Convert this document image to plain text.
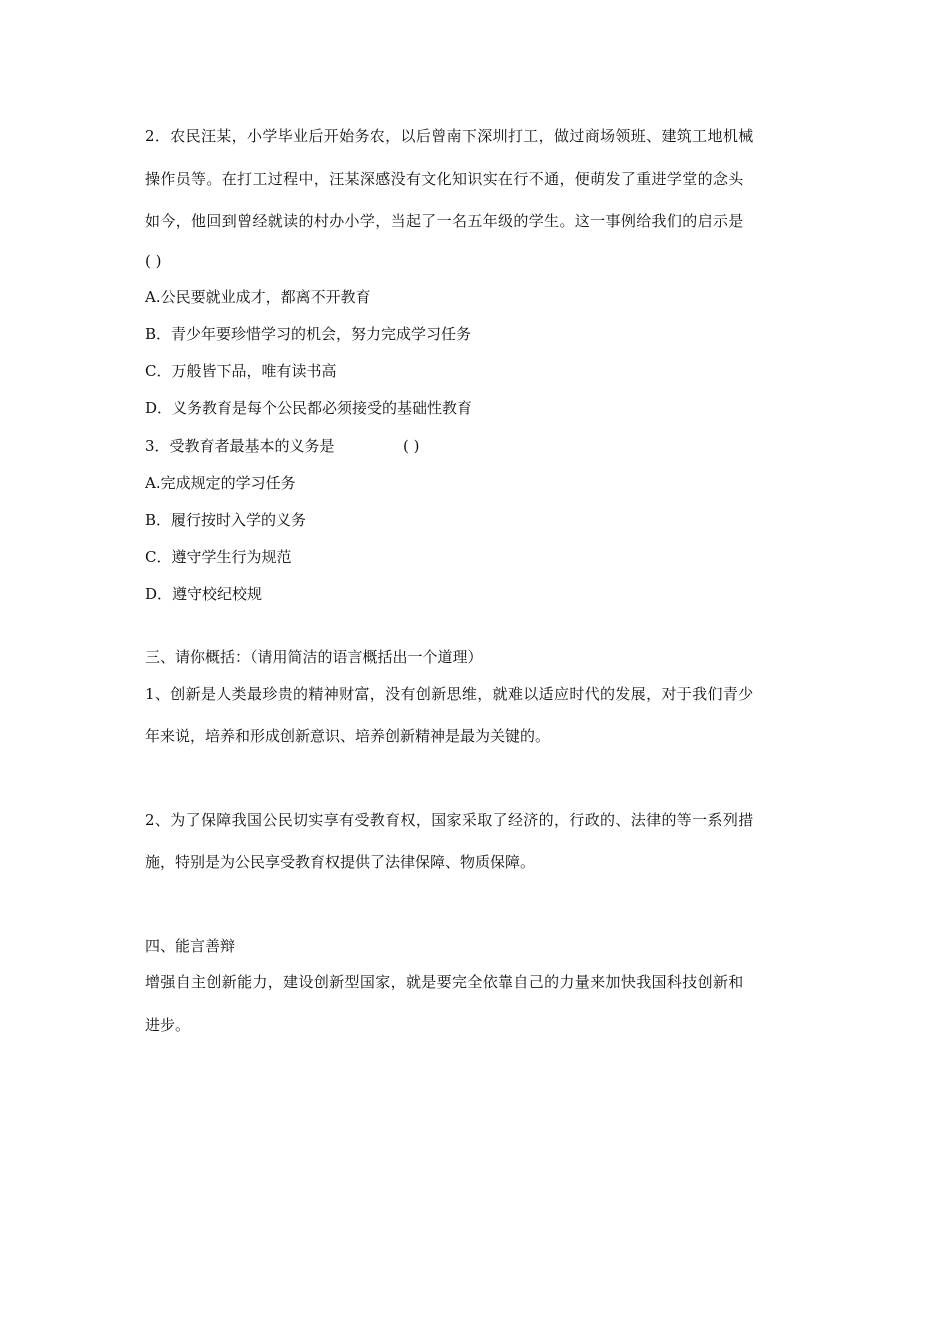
2．农民汪某，小学毕业后开始务农，以后曾南下深圳打工，做过商场领班、建筑工地机械
操作员等。在打工过程中，汪某深感没有文化知识实在行不通，便萌发了重进学堂的念头
如今，他回到曾经就读的村办小学，当起了一名五年级的学生。这一事例给我们的启示是
( )
A.公民要就业成才，都离不开教育
B．青少年要珍惜学习的机会，努力完成学习任务
C．万般皆下品，唯有读书高
D．义务教育是每个公民都必须接受的基础性教育
3．受教育者最基本的义务是	( )
A.完成规定的学习任务
B．履行按时入学的义务
C．遵守学生行为规范
D．遵守校纪校规
三、请你概括：（请用简洁的语言概括出一个道理）
1、创新是人类最珍贵的精神财富，没有创新思维，就难以适应时代的发展，对于我们青少
年来说，培养和形成创新意识、培养创新精神是最为关键的。
2、为了保障我国公民切实享有受教育权，国家采取了经济的，行政的、法律的等一系列措
施，特别是为公民享受教育权提供了法律保障、物质保障。
四、能言善辩
增强自主创新能力，建设创新型国家，就是要完全依靠自己的力量来加快我国科技创新和
进步。
